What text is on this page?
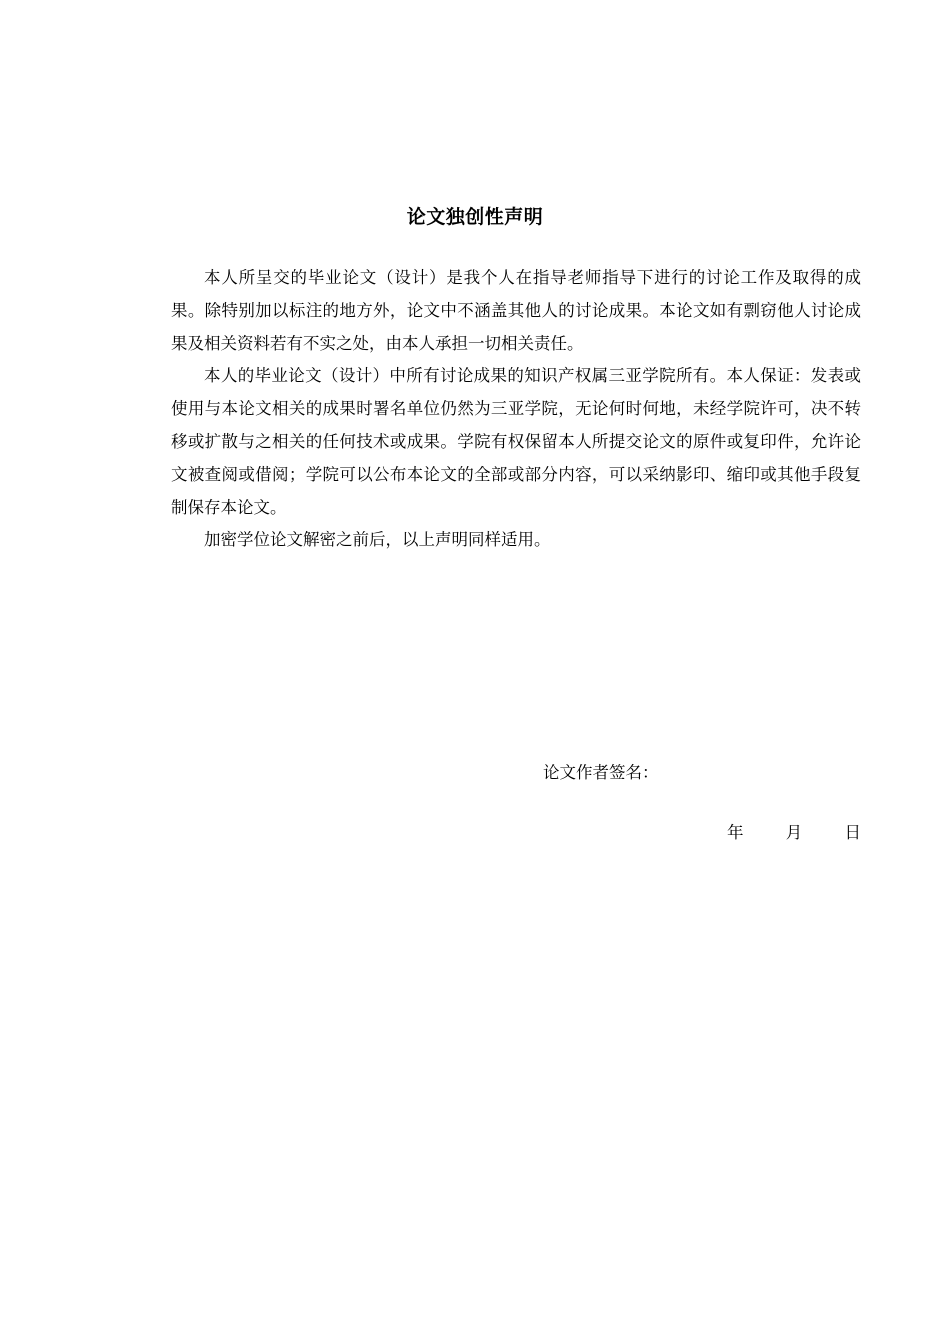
论文独创性声明

本人所呈交的毕业论文（设计）是我个人在指导老师指导下进行的讨论工作及取得的成果。除特别加以标注的地方外，论文中不涵盖其他人的讨论成果。本论文如有剽窃他人讨论成果及相关资料若有不实之处，由本人承担一切相关责任。

本人的毕业论文（设计）中所有讨论成果的知识产权属三亚学院所有。本人保证：发表或使用与本论文相关的成果时署名单位仍然为三亚学院，无论何时何地，未经学院许可，决不转移或扩散与之相关的任何技术或成果。学院有权保留本人所提交论文的原件或复印件，允许论文被查阅或借阅；学院可以公布本论文的全部或部分内容，可以采纳影印、缩印或其他手段复制保存本论文。

加密学位论文解密之前后，以上声明同样适用。

论文作者签名：
年	月	日
